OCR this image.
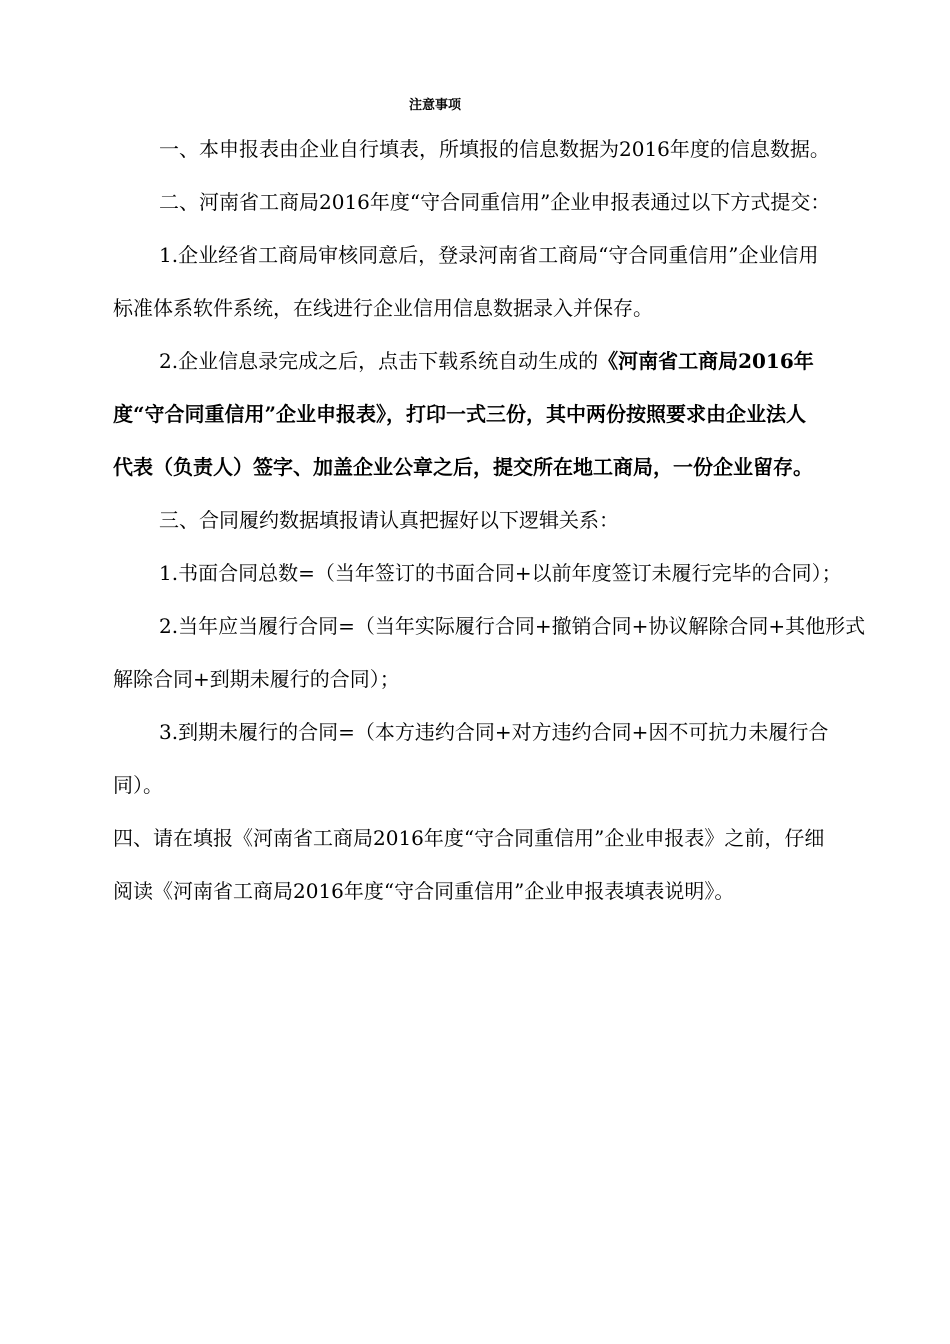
注意事项
一、本申报表由企业自行填表，所填报的信息数据为2016年度的信息数据。
二、河南省工商局2016年度“守合同重信用”企业申报表通过以下方式提交：
1.企业经省工商局审核同意后，登录河南省工商局“守合同重信用”企业信用
标准体系软件系统，在线进行企业信用信息数据录入并保存。
2.企业信息录完成之后，点击下载系统自动生成的《河南省工商局2016年
度“守合同重信用”企业申报表》，打印一式三份，其中两份按照要求由企业法人
代表（负责人）签字、加盖企业公章之后，提交所在地工商局，一份企业留存。
三、合同履约数据填报请认真把握好以下逻辑关系：
1.书面合同总数=（当年签订的书面合同+以前年度签订未履行完毕的合同）；
2.当年应当履行合同=（当年实际履行合同+撤销合同+协议解除合同+其他形式
解除合同+到期未履行的合同）；
3.到期未履行的合同=（本方违约合同+对方违约合同+因不可抗力未履行合
同）。
四、请在填报《河南省工商局2016年度“守合同重信用”企业申报表》之前，仔细
阅读《河南省工商局2016年度“守合同重信用”企业申报表填表说明》。
